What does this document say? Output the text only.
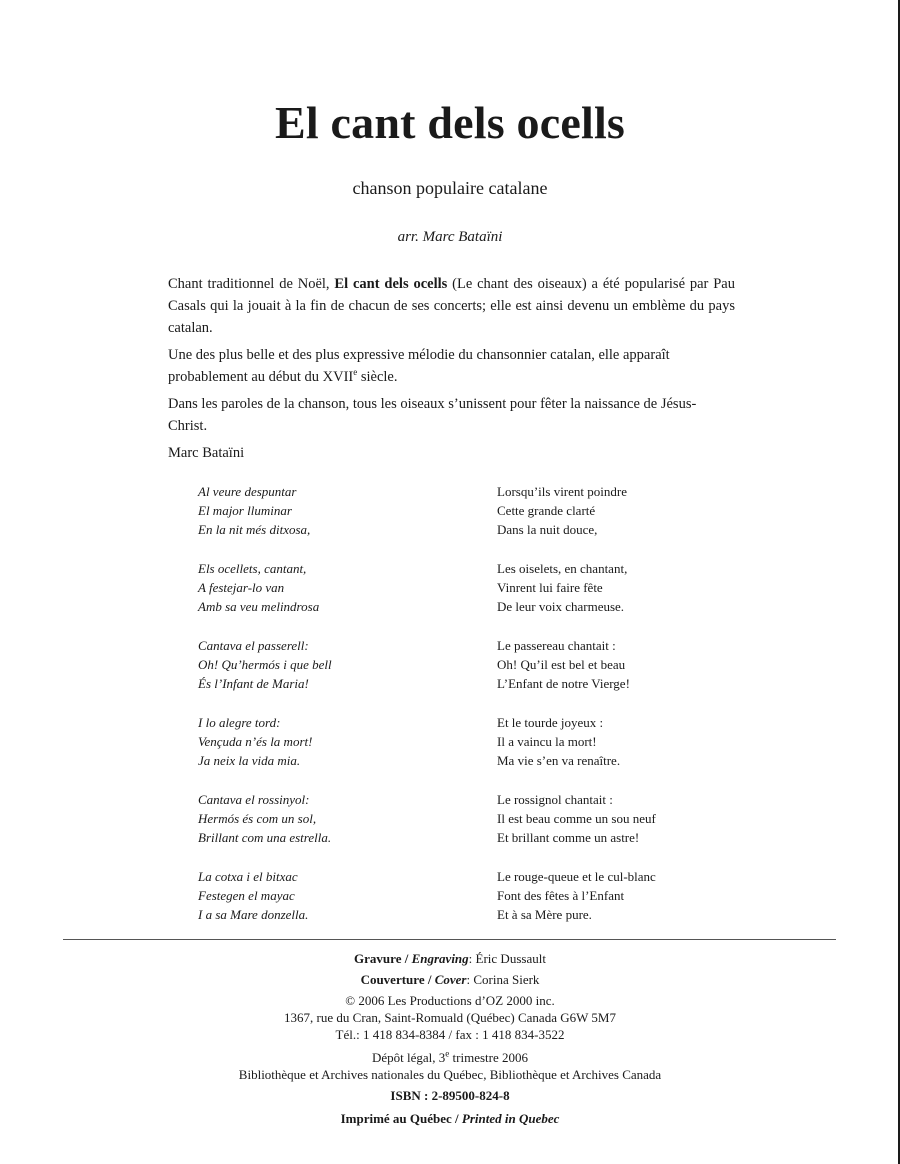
El cant dels ocells
chanson populaire catalane
arr. Marc Bataïni

Chant traditionnel de Noël, El cant dels ocells (Le chant des oiseaux) a été popularisé par Pau Casals qui la jouait à la fin de chacun de ses concerts; elle est ainsi devenu un emblème du pays catalan.

Une des plus belle et des plus expressive mélodie du chansonnier catalan, elle apparaît probablement au début du XVIIe siècle.

Dans les paroles de la chanson, tous les oiseaux s’unissent pour fêter la naissance de Jésus-Christ.

Marc Bataïni

Al veure despuntar
El major lluminar
En la nit més ditxosa,
Lorsqu’ils virent poindre
Cette grande clarté
Dans la nuit douce,
Els ocellets, cantant,
A festejar-lo van
Amb sa veu melindrosa
Les oiselets, en chantant,
Vinrent lui faire fête
De leur voix charmeuse.
Cantava el passerell:
Oh! Qu’hermós i que bell
És l’Infant de Maria!
Le passereau chantait :
Oh! Qu’il est bel et beau
L’Enfant de notre Vierge!
I lo alegre tord:
Vençuda n’és la mort!
Ja neix la vida mia.
Et le tourde joyeux :
Il a vaincu la mort!
Ma vie s’en va renaître.
Cantava el rossinyol:
Hermós és com un sol,
Brillant com una estrella.
Le rossignol chantait :
Il est beau comme un sou neuf
Et brillant comme un astre!
La cotxa i el bitxac
Festegen el mayac
I a sa Mare donzella.
Le rouge-queue et le cul-blanc
Font des fêtes à l’Enfant
Et à sa Mère pure.
Gravure / Engraving: Éric Dussault
Couverture / Cover: Corina Sierk
© 2006 Les Productions d’OZ 2000 inc.
1367, rue du Cran, Saint-Romuald (Québec) Canada G6W 5M7
Tél.: 1 418 834-8384 / fax : 1 418 834-3522
Dépôt légal, 3e trimestre 2006
Bibliothèque et Archives nationales du Québec, Bibliothèque et Archives Canada
ISBN : 2-89500-824-8
Imprimé au Québec / Printed in Quebec
